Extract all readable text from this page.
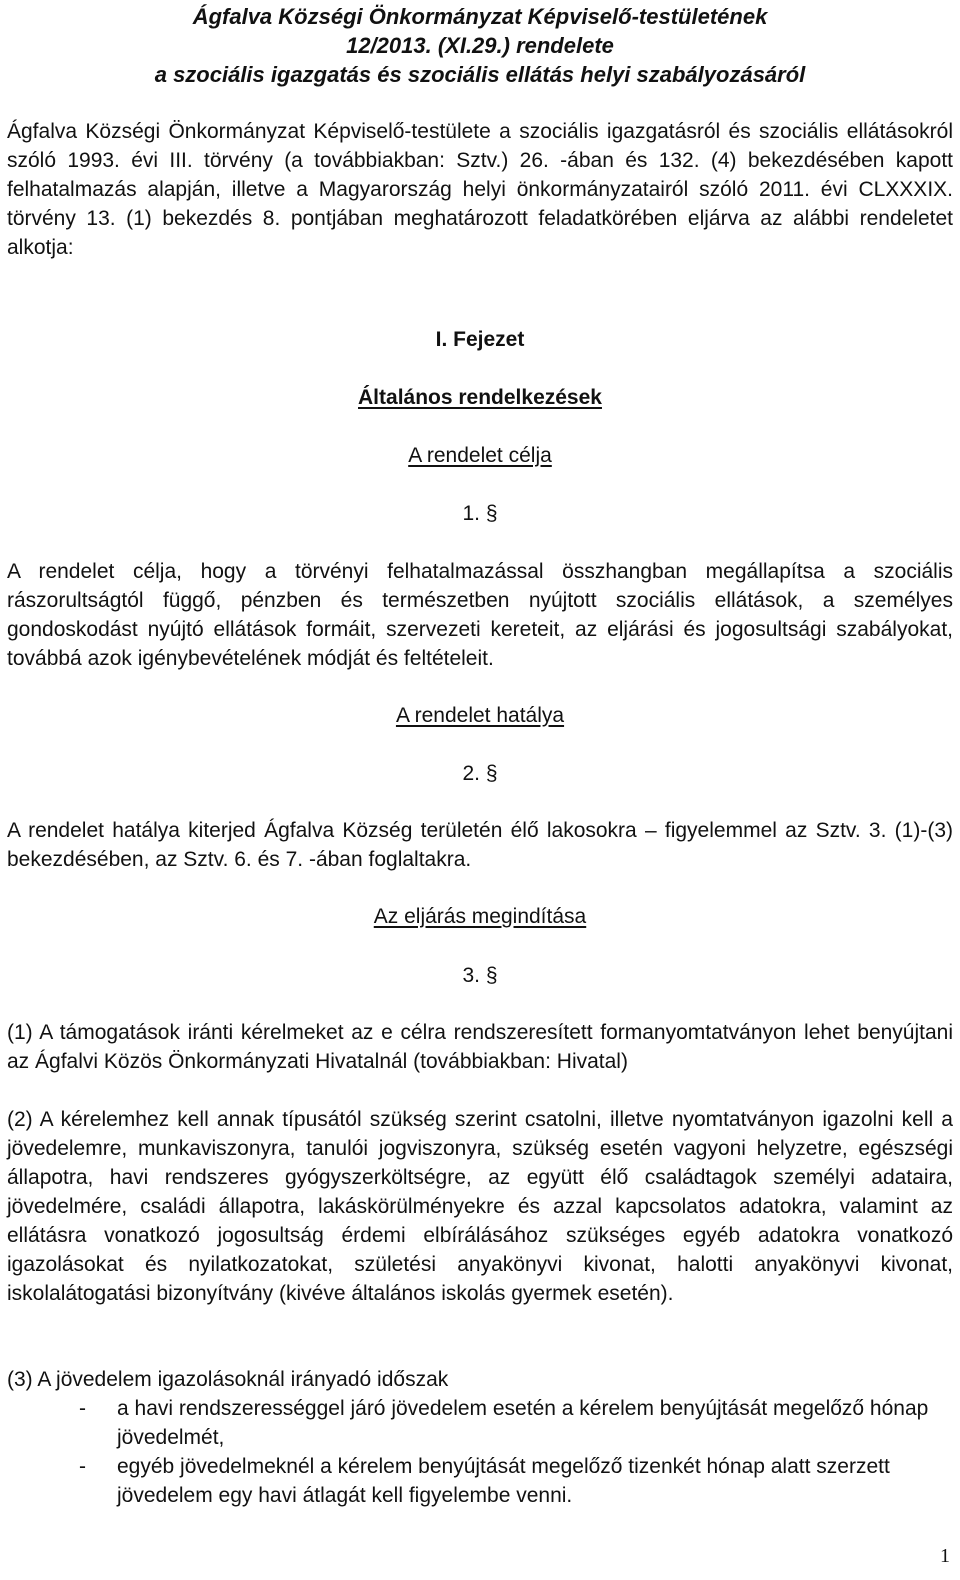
Ágfalva Községi Önkormányzat Képviselő-testületének
12/2013. (XI.29.) rendelete
a szociális igazgatás és szociális ellátás helyi szabályozásáról

Ágfalva Községi Önkormányzat Képviselő-testülete a szociális igazgatásról és szociális ellátásokról szóló 1993. évi III. törvény (a továbbiakban: Sztv.) 26. -ában és 132. (4) bekezdésében kapott felhatalmazás alapján, illetve a Magyarország helyi önkormányzatairól szóló 2011. évi CLXXXIX. törvény 13. (1) bekezdés 8. pontjában meghatározott feladatkörében eljárva az alábbi rendeletet alkotja:

I. Fejezet
Általános rendelkezések
A rendelet célja
1. §

A rendelet célja, hogy a törvényi felhatalmazással összhangban megállapítsa a szociális rászorultságtól függő, pénzben és természetben nyújtott szociális ellátások, a személyes gondoskodást nyújtó ellátások formáit, szervezeti kereteit, az eljárási és jogosultsági szabályokat, továbbá azok igénybevételének módját és feltételeit.

A rendelet hatálya
2. §

A rendelet hatálya kiterjed Ágfalva Község területén élő lakosokra – figyelemmel az Sztv. 3. (1)-(3) bekezdésében, az Sztv. 6. és 7. -ában foglaltakra.

Az eljárás megindítása
3. §

(1) A támogatások iránti kérelmeket az e célra rendszeresített formanyomtatványon lehet benyújtani az Ágfalvi Közös Önkormányzati Hivatalnál (továbbiakban: Hivatal)

(2) A kérelemhez kell annak típusától szükség szerint csatolni, illetve nyomtatványon igazolni kell a jövedelemre, munkaviszonyra, tanulói jogviszonyra, szükség esetén vagyoni helyzetre, egészségi állapotra, havi rendszeres gyógyszerköltségre, az együtt élő családtagok személyi adataira, jövedelmére, családi állapotra, lakáskörülményekre és azzal kapcsolatos adatokra, valamint az ellátásra vonatkozó jogosultság érdemi elbírálásához szükséges egyéb adatokra vonatkozó igazolásokat és nyilatkozatokat, születési anyakönyvi kivonat, halotti anyakönyvi kivonat, iskolalátogatási bizonyítvány (kivéve általános iskolás gyermek esetén).

(3) A jövedelem igazolásoknál irányadó időszak
- a havi rendszerességgel járó jövedelem esetén a kérelem benyújtását megelőző hónap jövedelmét,
- egyéb jövedelmeknél a kérelem benyújtását megelőző tizenkét hónap alatt szerzett jövedelem egy havi átlagát kell figyelembe venni.
1
